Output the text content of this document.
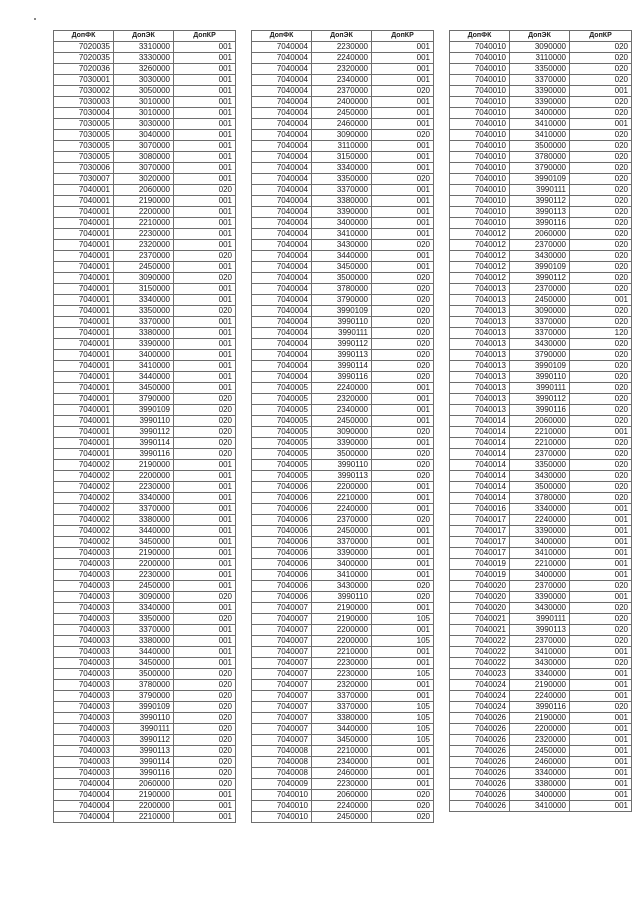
ДопФК	ДопЭК	ДопКР
7020035	3310000	001
7020035	3330000	001
7020036	3260000	001
7030001	3030000	001
7030002	3050000	001
7030003	3010000	001
7030004	3010000	001
7030005	3030000	001
7030005	3040000	001
7030005	3070000	001
7030005	3080000	001
7030006	3070000	001
7030007	3020000	001
7040001	2060000	020
7040001	2190000	001
7040001	2200000	001
7040001	2210000	001
7040001	2230000	001
7040001	2320000	001
7040001	2370000	020
7040001	2450000	001
7040001	3090000	020
7040001	3150000	001
7040001	3340000	001
7040001	3350000	020
7040001	3370000	001
7040001	3380000	001
7040001	3390000	001
7040001	3400000	001
7040001	3410000	001
7040001	3440000	001
7040001	3450000	001
7040001	3790000	020
7040001	3990109	020
7040001	3990110	020
7040001	3990112	020
7040001	3990114	020
7040001	3990116	020
7040002	2190000	001
7040002	2200000	001
7040002	2230000	001
7040002	3340000	001
7040002	3370000	001
7040002	3380000	001
7040002	3440000	001
7040002	3450000	001
7040003	2190000	001
7040003	2200000	001
7040003	2230000	001
7040003	2450000	001
7040003	3090000	020
7040003	3340000	001
7040003	3350000	020
7040003	3370000	001
7040003	3380000	001
7040003	3440000	001
7040003	3450000	001
7040003	3500000	020
7040003	3780000	020
7040003	3790000	020
7040003	3990109	020
7040003	3990110	020
7040003	3990111	020
7040003	3990112	020
7040003	3990113	020
7040003	3990114	020
7040003	3990116	020
7040004	2060000	020
7040004	2190000	001
7040004	2200000	001
7040004	2210000	001
ДопФК	ДопЭК	ДопКР
7040004	2230000	001
7040004	2240000	001
7040004	2320000	001
7040004	2340000	001
7040004	2370000	020
7040004	2400000	001
7040004	2450000	001
7040004	2460000	001
7040004	3090000	020
7040004	3110000	001
7040004	3150000	001
7040004	3340000	001
7040004	3350000	020
7040004	3370000	001
7040004	3380000	001
7040004	3390000	001
7040004	3400000	001
7040004	3410000	001
7040004	3430000	020
7040004	3440000	001
7040004	3450000	001
7040004	3500000	020
7040004	3780000	020
7040004	3790000	020
7040004	3990109	020
7040004	3990110	020
7040004	3990111	020
7040004	3990112	020
7040004	3990113	020
7040004	3990114	020
7040004	3990116	020
7040005	2240000	001
7040005	2320000	001
7040005	2340000	001
7040005	2450000	001
7040005	3090000	020
7040005	3390000	001
7040005	3500000	020
7040005	3990110	020
7040005	3990113	020
7040006	2200000	001
7040006	2210000	001
7040006	2240000	001
7040006	2370000	020
7040006	2450000	001
7040006	3370000	001
7040006	3390000	001
7040006	3400000	001
7040006	3410000	001
7040006	3430000	020
7040006	3990110	020
7040007	2190000	001
7040007	2190000	105
7040007	2200000	001
7040007	2200000	105
7040007	2210000	001
7040007	2230000	001
7040007	2230000	105
7040007	2320000	001
7040007	3370000	001
7040007	3370000	105
7040007	3380000	105
7040007	3440000	105
7040007	3450000	105
7040008	2210000	001
7040008	2340000	001
7040008	2460000	001
7040009	2230000	001
7040010	2060000	020
7040010	2240000	020
7040010	2450000	020
ДопФК	ДопЭК	ДопКР
7040010	3090000	020
7040010	3110000	020
7040010	3350000	020
7040010	3370000	020
7040010	3390000	001
7040010	3390000	020
7040010	3400000	020
7040010	3410000	001
7040010	3410000	020
7040010	3500000	020
7040010	3780000	020
7040010	3790000	020
7040010	3990109	020
7040010	3990111	020
7040010	3990112	020
7040010	3990113	020
7040010	3990116	020
7040012	2060000	020
7040012	2370000	020
7040012	3430000	020
7040012	3990109	020
7040012	3990112	020
7040013	2370000	020
7040013	2450000	001
7040013	3090000	020
7040013	3370000	020
7040013	3370000	120
7040013	3430000	020
7040013	3790000	020
7040013	3990109	020
7040013	3990110	020
7040013	3990111	020
7040013	3990112	020
7040013	3990116	020
7040014	2060000	020
7040014	2210000	001
7040014	2210000	020
7040014	2370000	020
7040014	3350000	020
7040014	3430000	020
7040014	3500000	020
7040014	3780000	020
7040016	3340000	001
7040017	2240000	001
7040017	3390000	001
7040017	3400000	001
7040017	3410000	001
7040019	2210000	001
7040019	3400000	001
7040020	2370000	020
7040020	3390000	001
7040020	3430000	020
7040021	3990111	020
7040021	3990113	020
7040022	2370000	020
7040022	3410000	001
7040022	3430000	020
7040023	3340000	001
7040024	2190000	001
7040024	2240000	001
7040024	3990116	020
7040026	2190000	001
7040026	2200000	001
7040026	2320000	001
7040026	2450000	001
7040026	2460000	001
7040026	3340000	001
7040026	3380000	001
7040026	3400000	001
7040026	3410000	001
